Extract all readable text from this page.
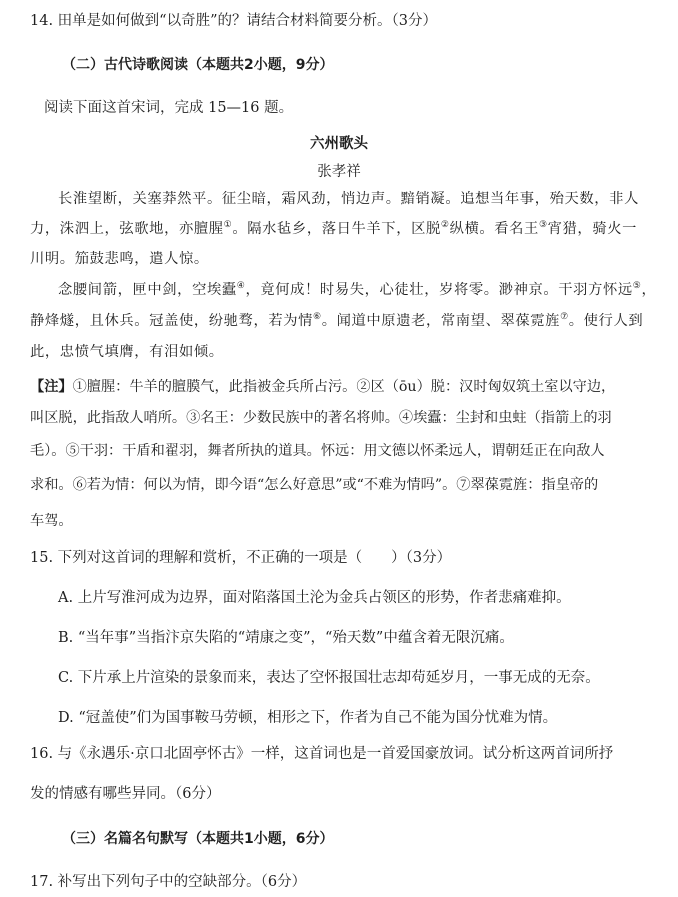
14. 田单是如何做到“以奇胜”的？请结合材料简要分析。（3分）
（二）古代诗歌阅读（本题共2小题，9分）
阅读下面这首宋词，完成 15—16 题。
六州歌头
张孝祥
长淮望断，关塞莽然平。征尘暗，霜风劲，悄边声。黯销凝。追想当年事，殆天数，非人
力，洙泗上，弦歌地，亦膻腥①。隔水毡乡，落日牛羊下，区脱②纵横。看名王③宵猎，骑火一
川明。笳鼓悲鸣，遣人惊。
念腰间箭，匣中剑，空埃蠹④，竟何成！时易失，心徒壮，岁将零。渺神京。干羽方怀远⑤，
静烽燧，且休兵。冠盖使，纷驰骛，若为情⑥。闻道中原遗老，常南望、翠葆霓旌⑦。使行人到
此，忠愤气填膺，有泪如倾。
【注】①膻腥：牛羊的膻膜气，此指被金兵所占污。②区（ōu）脱：汉时匈奴筑土室以守边，
叫区脱，此指敌人哨所。③名王：少数民族中的著名将帅。④埃蠹：尘封和虫蛀（指箭上的羽
毛）。⑤干羽：干盾和翟羽，舞者所执的道具。怀远：用文德以怀柔远人，谓朝廷正在向敌人
求和。⑥若为情：何以为情，即今语“怎么好意思”或“不难为情吗”。⑦翠葆霓旌：指皇帝的
车驾。
15. 下列对这首词的理解和赏析，不正确的一项是（　　）（3分）
A. 上片写淮河成为边界，面对陷落国土沦为金兵占领区的形势，作者悲痛难抑。
B. “当年事”当指汴京失陷的“靖康之变”，“殆天数”中蕴含着无限沉痛。
C. 下片承上片渲染的景象而来，表达了空怀报国壮志却苟延岁月，一事无成的无奈。
D. “冠盖使”们为国事鞍马劳顿，相形之下，作者为自己不能为国分忧难为情。
16. 与《永遇乐·京口北固亭怀古》一样，这首词也是一首爱国豪放词。试分析这两首词所抒
发的情感有哪些异同。（6分）
（三）名篇名句默写（本题共1小题，6分）
17. 补写出下列句子中的空缺部分。（6分）
